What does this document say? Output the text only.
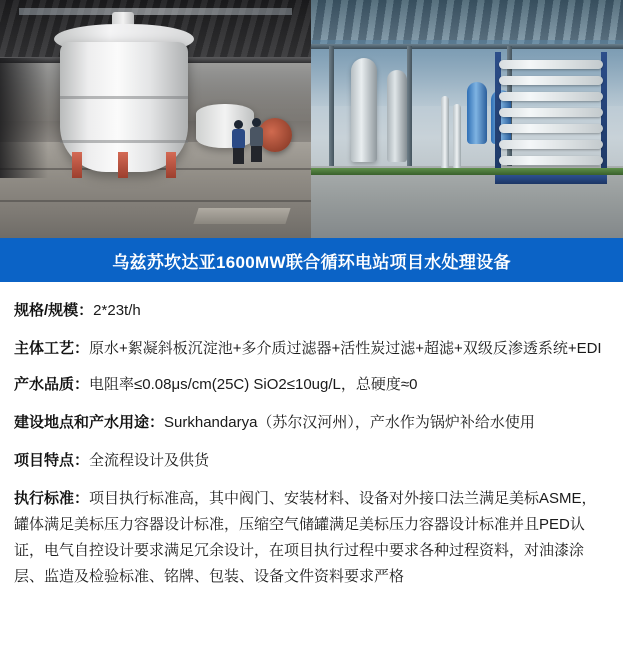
乌兹苏坎达亚1600MW联合循环电站项目水处理设备
规格/规模：2*23t/h
主体工艺：原水+絮凝斜板沉淀池+多介质过滤器+活性炭过滤+超滤+双级反渗透系统+EDI
产水品质：电阻率≤0.08μs/cm(25C) SiO2≤10ug/L，总硬度≈0
建设地点和产水用途：Surkhandarya（苏尔汉河州），产水作为锅炉补给水使用
项目特点：全流程设计及供货
执行标准：项目执行标准高，其中阀门、安装材料、设备对外接口法兰满足美标ASME，罐体满足美标压力容器设计标准，压缩空气储罐满足美标压力容器设计标准并且PED认证，电气自控设计要求满足冗余设计，在项目执行过程中要求各种过程资料，对油漆涂层、监造及检验标准、铭牌、包装、设备文件资料要求严格
